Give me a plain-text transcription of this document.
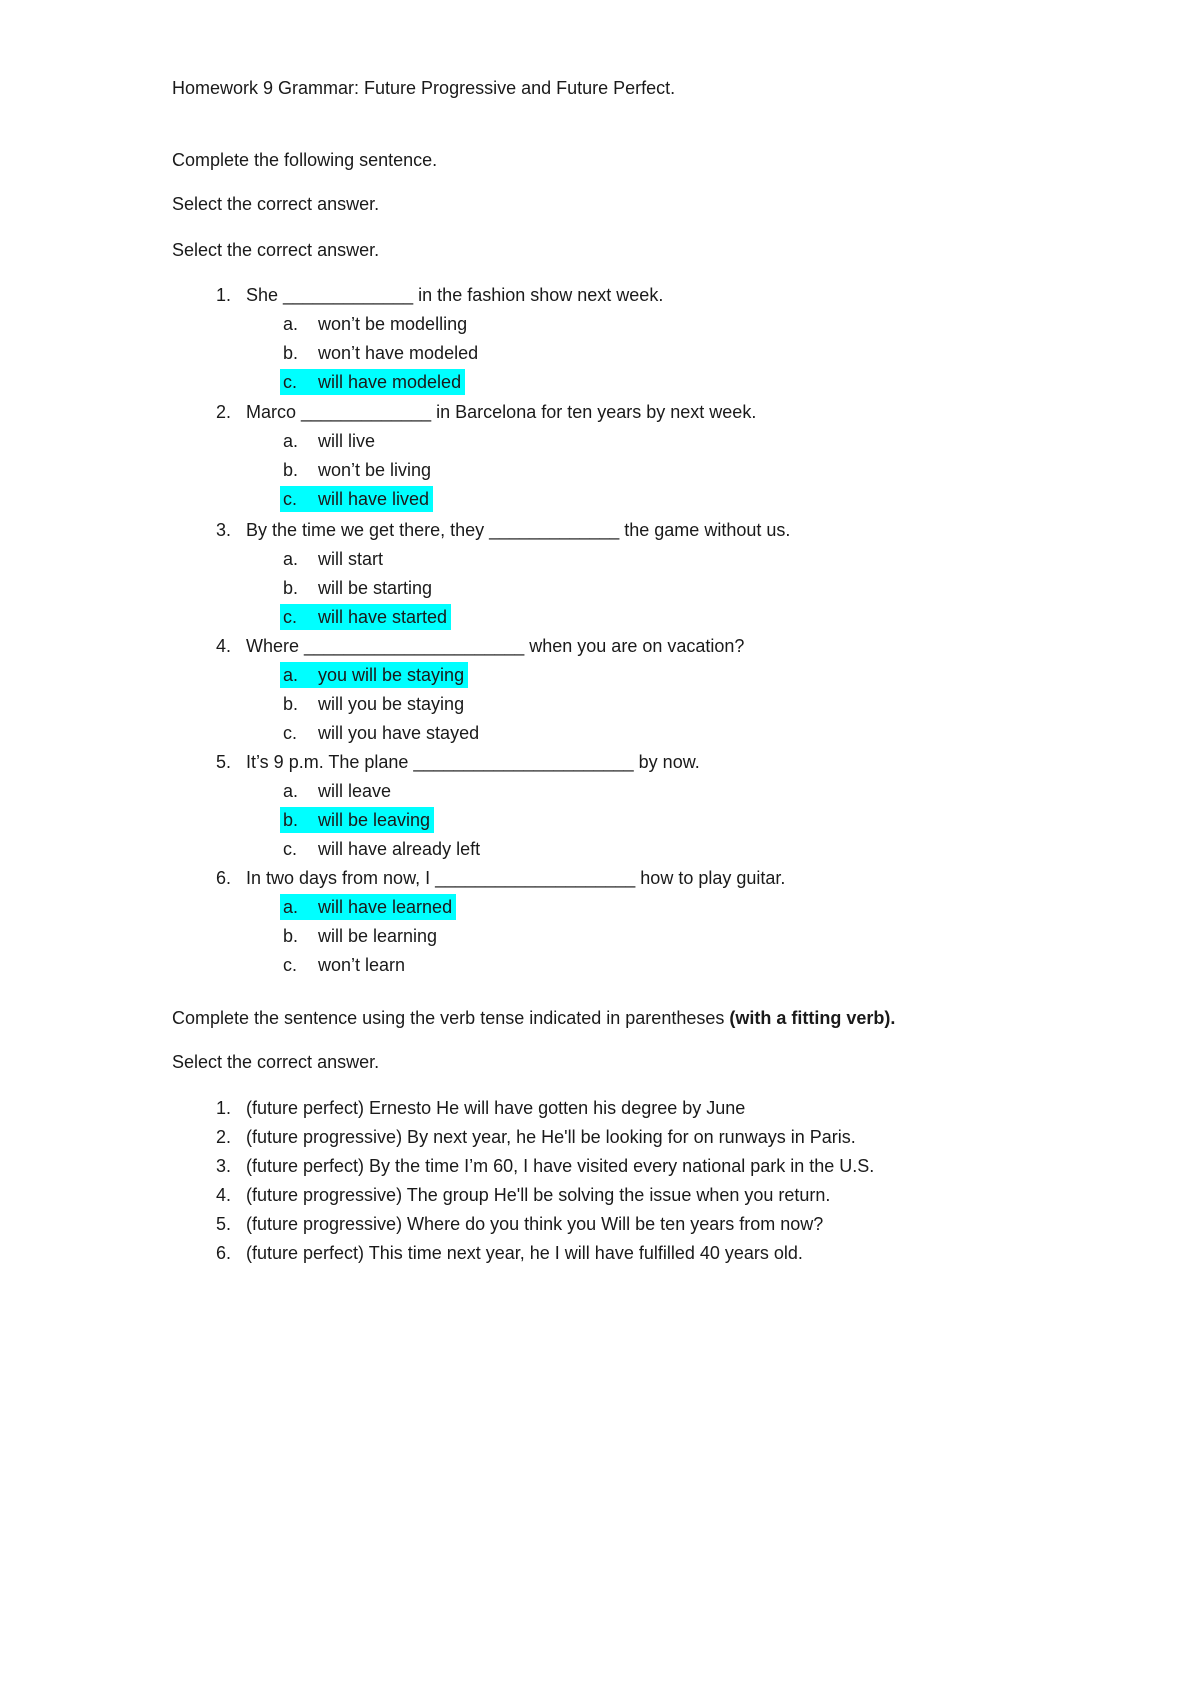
Homework 9 Grammar: Future Progressive and Future Perfect.
Complete the following sentence.
Select the correct answer.
Select the correct answer.
1. She _____________ in the fashion show next week.
a. won’t be modelling
b. won’t have modeled
c. will have modeled
2. Marco _____________ in Barcelona for ten years by next week.
a. will live
b. won’t be living
c. will have lived
3. By the time we get there, they _____________ the game without us.
a. will start
b. will be starting
c. will have started
4. Where ______________________ when you are on vacation?
a. you will be staying
b. will you be staying
c. will you have stayed
5. It’s 9 p.m. The plane ______________________ by now.
a. will leave
b. will be leaving
c. will have already left
6. In two days from now, I ____________________ how to play guitar.
a. will have learned
b. will be learning
c. won’t learn
Complete the sentence using the verb tense indicated in parentheses (with a fitting verb).
Select the correct answer.
1. (future perfect) Ernesto He will have gotten his degree by June
2. (future progressive) By next year, he He'll be looking for on runways in Paris.
3. (future perfect) By the time I’m 60, I have visited every national park in the U.S.
4. (future progressive) The group He'll be solving the issue when you return.
5. (future progressive) Where do you think you Will be ten years from now?
6. (future perfect) This time next year, he I will have fulfilled 40 years old.
